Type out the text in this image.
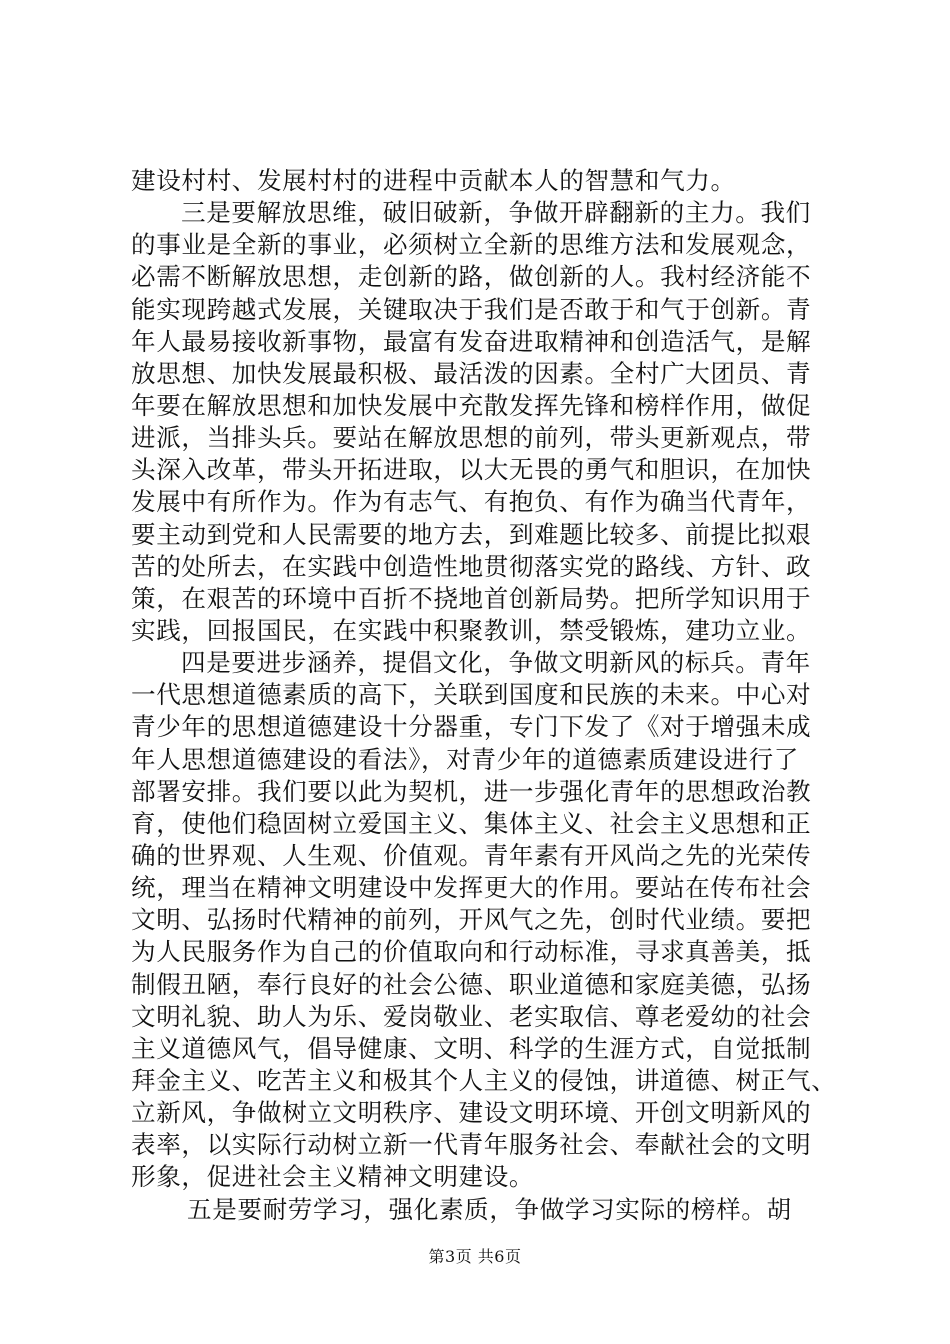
建设村村、发展村村的进程中贡献本人的智慧和气力。
三是要解放思维，破旧破新，争做开辟翻新的主力。我们
的事业是全新的事业，必须树立全新的思维方法和发展观念，
必需不断解放思想，走创新的路，做创新的人。我村经济能不
能实现跨越式发展，关键取决于我们是否敢于和气于创新。青
年人最易接收新事物，最富有发奋进取精神和创造活气，是解
放思想、加快发展最积极、最活泼的因素。全村广大团员、青
年要在解放思想和加快发展中充散发挥先锋和榜样作用，做促
进派，当排头兵。要站在解放思想的前列，带头更新观点，带
头深入改革，带头开拓进取，以大无畏的勇气和胆识，在加快
发展中有所作为。作为有志气、有抱负、有作为确当代青年，
要主动到党和人民需要的地方去，到难题比较多、前提比拟艰
苦的处所去，在实践中创造性地贯彻落实党的路线、方针、政
策，在艰苦的环境中百折不挠地首创新局势。把所学知识用于
实践，回报国民，在实践中积聚教训，禁受锻炼，建功立业。
四是要进步涵养，提倡文化，争做文明新风的标兵。青年
一代思想道德素质的高下，关联到国度和民族的未来。中心对
青少年的思想道德建设十分器重，专门下发了《对于增强未成
年人思想道德建设的看法》，对青少年的道德素质建设进行了
部署安排。我们要以此为契机，进一步强化青年的思想政治教
育，使他们稳固树立爱国主义、集体主义、社会主义思想和正
确的世界观、人生观、价值观。青年素有开风尚之先的光荣传
统，理当在精神文明建设中发挥更大的作用。要站在传布社会
文明、弘扬时代精神的前列，开风气之先，创时代业绩。要把
为人民服务作为自己的价值取向和行动标准，寻求真善美，抵
制假丑陋，奉行良好的社会公德、职业道德和家庭美德，弘扬
文明礼貌、助人为乐、爱岗敬业、老实取信、尊老爱幼的社会
主义道德风气，倡导健康、文明、科学的生涯方式，自觉抵制
拜金主义、吃苦主义和极其个人主义的侵蚀，讲道德、树正气、
立新风，争做树立文明秩序、建设文明环境、开创文明新风的
表率，以实际行动树立新一代青年服务社会、奉献社会的文明
形象，促进社会主义精神文明建设。
五是要耐劳学习，强化素质，争做学习实际的榜样。胡
第3页 共6页
